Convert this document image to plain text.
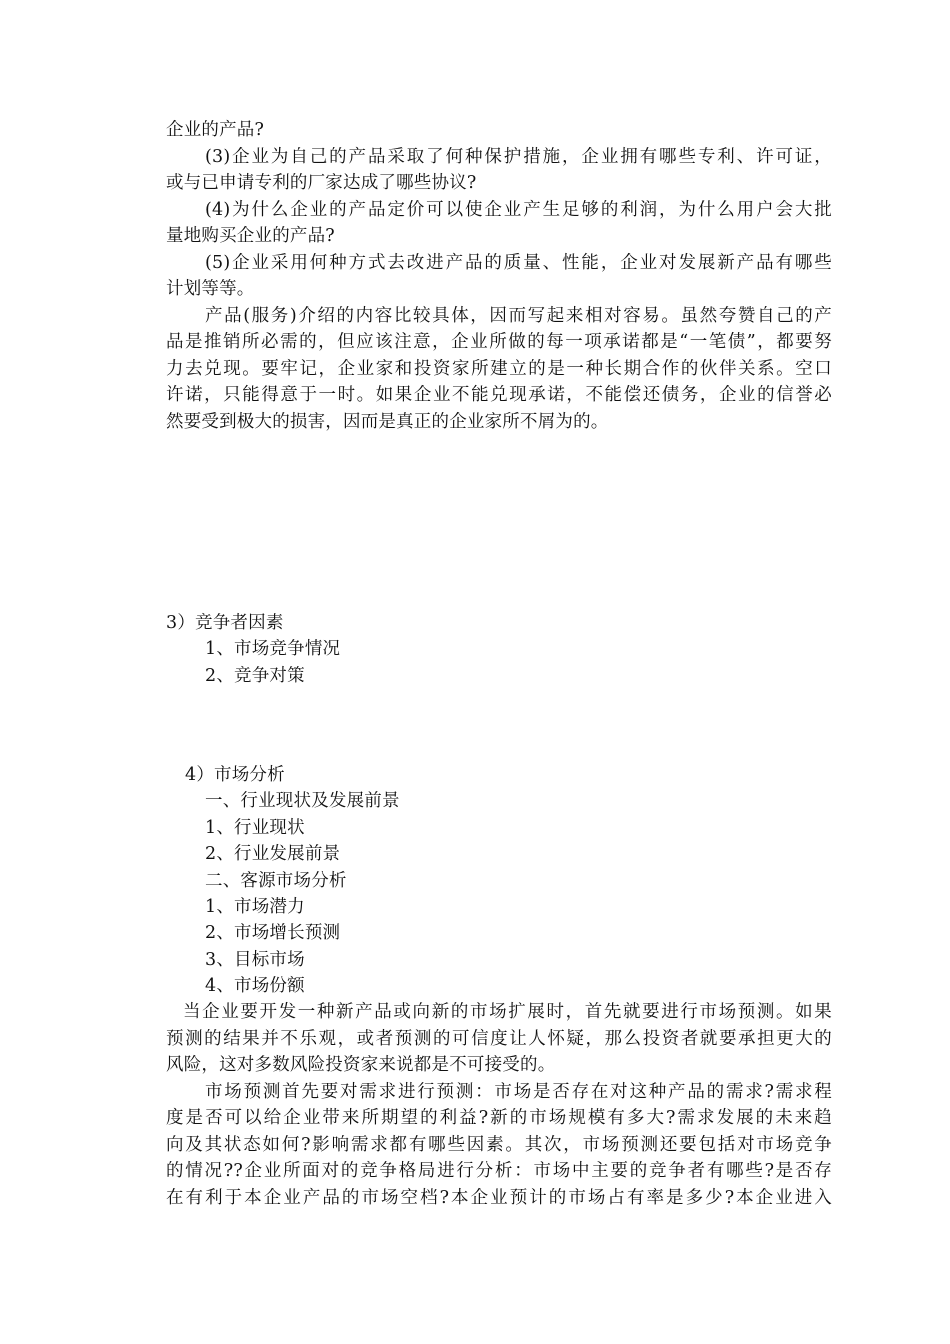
企业的产品?
(3)企业为自己的产品采取了何种保护措施，企业拥有哪些专利、许可证，
或与已申请专利的厂家达成了哪些协议?
(4)为什么企业的产品定价可以使企业产生足够的利润，为什么用户会大批
量地购买企业的产品?
(5)企业采用何种方式去改进产品的质量、性能，企业对发展新产品有哪些
计划等等。
产品(服务)介绍的内容比较具体，因而写起来相对容易。虽然夸赞自己的产
品是推销所必需的，但应该注意，企业所做的每一项承诺都是“一笔债”，都要努
力去兑现。要牢记，企业家和投资家所建立的是一种长期合作的伙伴关系。空口
许诺，只能得意于一时。如果企业不能兑现承诺，不能偿还债务，企业的信誉必
然要受到极大的损害，因而是真正的企业家所不屑为的。
3）竞争者因素
1、市场竞争情况
2、竞争对策
4）市场分析
一、行业现状及发展前景
1、行业现状
2、行业发展前景
二、客源市场分析
1、市场潜力
2、市场增长预测
3、目标市场
4、市场份额
当企业要开发一种新产品或向新的市场扩展时，首先就要进行市场预测。如果
预测的结果并不乐观，或者预测的可信度让人怀疑，那么投资者就要承担更大的
风险，这对多数风险投资家来说都是不可接受的。
市场预测首先要对需求进行预测：市场是否存在对这种产品的需求?需求程
度是否可以给企业带来所期望的利益?新的市场规模有多大?需求发展的未来趋
向及其状态如何?影响需求都有哪些因素。其次，市场预测还要包括对市场竞争
的情况??企业所面对的竞争格局进行分析：市场中主要的竞争者有哪些?是否存
在有利于本企业产品的市场空档?本企业预计的市场占有率是多少?本企业进入
